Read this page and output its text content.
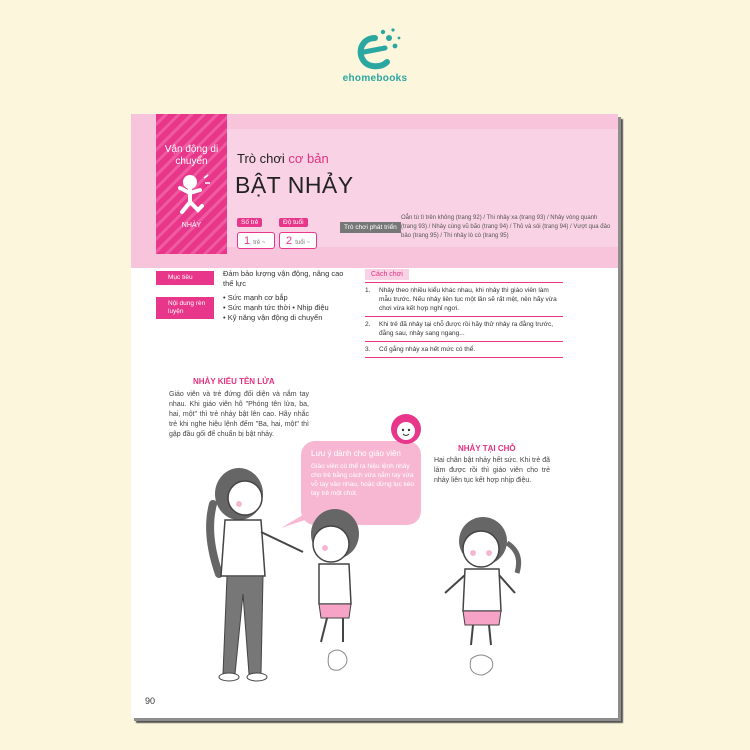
ehomebooks
Vận động di chuyển
NHẢY
Trò chơi cơ bản
BẬT NHẢY
Số trẻ
1 trẻ ~
Độ tuổi
2 tuổi ~
Trò chơi phát triển
Oẳn tù tì trên không (trang 92) / Thi nhảy xa (trang 93) / Nhảy vòng quanh (trang 93) / Nhảy cùng vũ bão (trang 94) / Thỏ và sói (trang 94) / Vượt qua đảo bảo (trang 95) / Thi nhảy lò cò (trang 95)
Mục tiêu	Đảm bảo lượng vận động, nâng cao thể lực
Nội dung rèn luyện
• Sức mạnh cơ bắp
• Sức mạnh tức thời • Nhịp điệu
• Kỹ năng vận động di chuyển
Cách chơi
1.	Nhảy theo nhiều kiểu khác nhau, khi nhảy thì giáo viên làm mẫu trước. Nếu nhảy liên tục một lần sẽ rất mệt, nên hãy vừa chơi vừa kết hợp nghỉ ngơi.
2.	Khi trẻ đã nhảy tại chỗ được rồi hãy thử nhảy ra đằng trước, đằng sau, nhảy sang ngang...
3.	Cố gắng nhảy xa hết mức có thể.
NHẢY KIỂU TÊN LỬA
Giáo viên và trẻ đứng đối diện và nắm tay nhau. Khi giáo viên hô "Phóng tên lửa, ba, hai, một" thì trẻ nhảy bật lên cao. Hãy nhắc trẻ khi nghe hiệu lệnh đếm "Ba, hai, một" thì gập đầu gối để chuẩn bị bật nhảy.
Lưu ý dành cho giáo viên
Giáo viên có thể ra hiệu lệnh nhảy cho trẻ bằng cách vừa nắm tay vừa vỗ tay vào nhau, hoặc dừng lục kéo tay trẻ một chút.
NHẢY TẠI CHỖ
Hai chân bật nhảy hết sức. Khi trẻ đã làm được rồi thì giáo viên cho trẻ nhảy liên tục kết hợp nhịp điệu.
90
